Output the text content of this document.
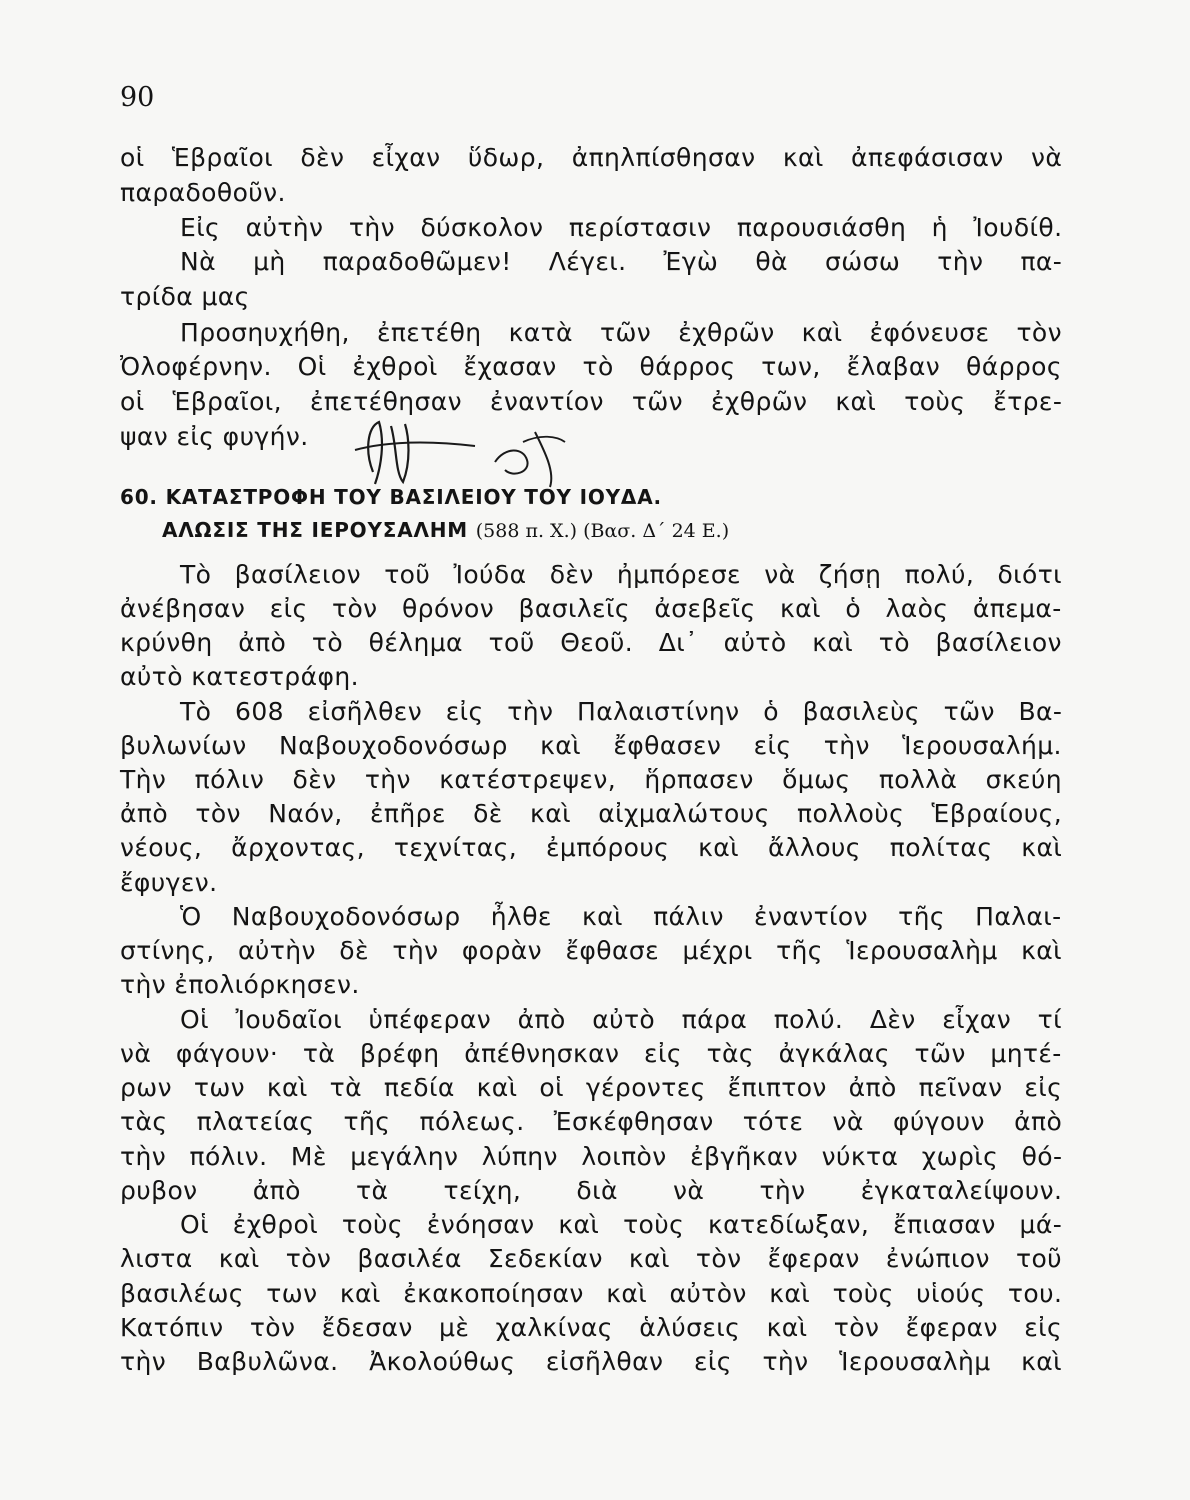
90
οἱ Ἑβραῖοι δὲν εἶχαν ὕδωρ, ἀπηλπίσθησαν καὶ ἀπεφάσισαν νὰ
παραδοθοῦν.
Εἰς αὐτὴν τὴν δύσκολον περίστασιν παρουσιάσθη ἡ Ἰουδίθ.
Νὰ μὴ παραδοθῶμεν! Λέγει. Ἐγὼ θὰ σώσω τὴν πα-
τρίδα μας
Προσηυχήθη, ἐπετέθη κατὰ τῶν ἐχθρῶν καὶ ἐφόνευσε τὸν
Ὀλοφέρνην. Οἱ ἐχθροὶ ἔχασαν τὸ θάρρος των, ἔλαβαν θάρρος
οἱ Ἑβραῖοι, ἐπετέθησαν ἐναντίον τῶν ἐχθρῶν καὶ τοὺς ἔτρε-
ψαν εἰς φυγήν.
60. ΚΑΤΑΣΤΡΟΦΗ ΤΟΥ ΒΑΣΙΛΕΙΟΥ ΤΟΥ ΙΟΥΔΑ.
ΑΛΩΣΙΣ ΤΗΣ ΙΕΡΟΥΣΑΛΗΜ (588 π. Χ.) (Βασ. Δ΄ 24 Ε.)
Τὸ βασίλειον τοῦ Ἰούδα δὲν ἠμπόρεσε νὰ ζήσῃ πολύ, διότι
ἀνέβησαν εἰς τὸν θρόνον βασιλεῖς ἀσεβεῖς καὶ ὁ λαὸς ἀπεμα-
κρύνθη ἀπὸ τὸ θέλημα τοῦ Θεοῦ. Δι᾽ αὐτὸ καὶ τὸ βασίλειον
αὐτὸ κατεστράφη.
Τὸ 608 εἰσῆλθεν εἰς τὴν Παλαιστίνην ὁ βασιλεὺς τῶν Βα-
βυλωνίων Ναβουχοδονόσωρ καὶ ἔφθασεν εἰς τὴν Ἱερουσαλήμ.
Τὴν πόλιν δὲν τὴν κατέστρεψεν, ἥρπασεν ὅμως πολλὰ σκεύη
ἀπὸ τὸν Ναόν, ἐπῆρε δὲ καὶ αἰχμαλώτους πολλοὺς Ἑβραίους,
νέους, ἄρχοντας, τεχνίτας, ἐμπόρους καὶ ἄλλους πολίτας καὶ
ἔφυγεν.
Ὁ Ναβουχοδονόσωρ ἦλθε καὶ πάλιν ἐναντίον τῆς Παλαι-
στίνης, αὐτὴν δὲ τὴν φορὰν ἔφθασε μέχρι τῆς Ἱερουσαλὴμ καὶ
τὴν ἐπολιόρκησεν.
Οἱ Ἰουδαῖοι ὑπέφεραν ἀπὸ αὐτὸ πάρα πολύ. Δὲν εἶχαν τί
νὰ φάγουν· τὰ βρέφη ἀπέθνησκαν εἰς τὰς ἀγκάλας τῶν μητέ-
ρων των καὶ τὰ πεδία καὶ οἱ γέροντες ἔπιπτον ἀπὸ πεῖναν εἰς
τὰς πλατείας τῆς πόλεως. Ἐσκέφθησαν τότε νὰ φύγουν ἀπὸ
τὴν πόλιν. Μὲ μεγάλην λύπην λοιπὸν ἐβγῆκαν νύκτα χωρὶς θό-
ρυβον ἀπὸ τὰ τείχη, διὰ νὰ τὴν ἐγκαταλείψουν.
Οἱ ἐχθροὶ τοὺς ἐνόησαν καὶ τοὺς κατεδίωξαν, ἔπιασαν μά-
λιστα καὶ τὸν βασιλέα Σεδεκίαν καὶ τὸν ἔφεραν ἐνώπιον τοῦ
βασιλέως των καὶ ἐκακοποίησαν καὶ αὐτὸν καὶ τοὺς υἱούς του.
Κατόπιν τὸν ἔδεσαν μὲ χαλκίνας ἁλύσεις καὶ τὸν ἔφεραν εἰς
τὴν Βαβυλῶνα. Ἀκολούθως εἰσῆλθαν εἰς τὴν Ἱερουσαλὴμ καὶ
